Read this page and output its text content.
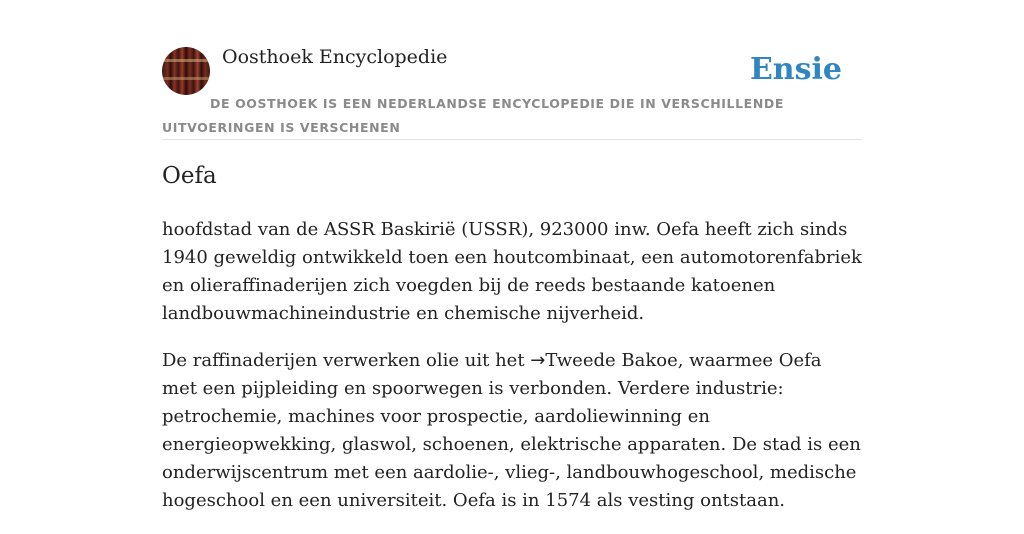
Oosthoek Encyclopedie	Ensie
DE OOSTHOEK IS EEN NEDERLANDSE ENCYCLOPEDIE DIE IN VERSCHILLENDE UITVOERINGEN IS VERSCHENEN
Oefa

hoofdstad van de ASSR Baskirië (USSR), 923000 inw. Oefa heeft zich sinds 1940 geweldig ontwikkeld toen een houtcombinaat, een automotorenfabriek en olieraffinaderijen zich voegden bij de reeds bestaande katoenen landbouwmachineindustrie en chemische nijverheid.

De raffinaderijen verwerken olie uit het →Tweede Bakoe, waarmee Oefa met een pijpleiding en spoorwegen is verbonden. Verdere industrie: petrochemie, machines voor prospectie, aardoliewinning en energieopwekking, glaswol, schoenen, elektrische apparaten. De stad is een onderwijscentrum met een aardolie-, vlieg-, landbouwhogeschool, medische hogeschool en een universiteit. Oefa is in 1574 als vesting ontstaan.
